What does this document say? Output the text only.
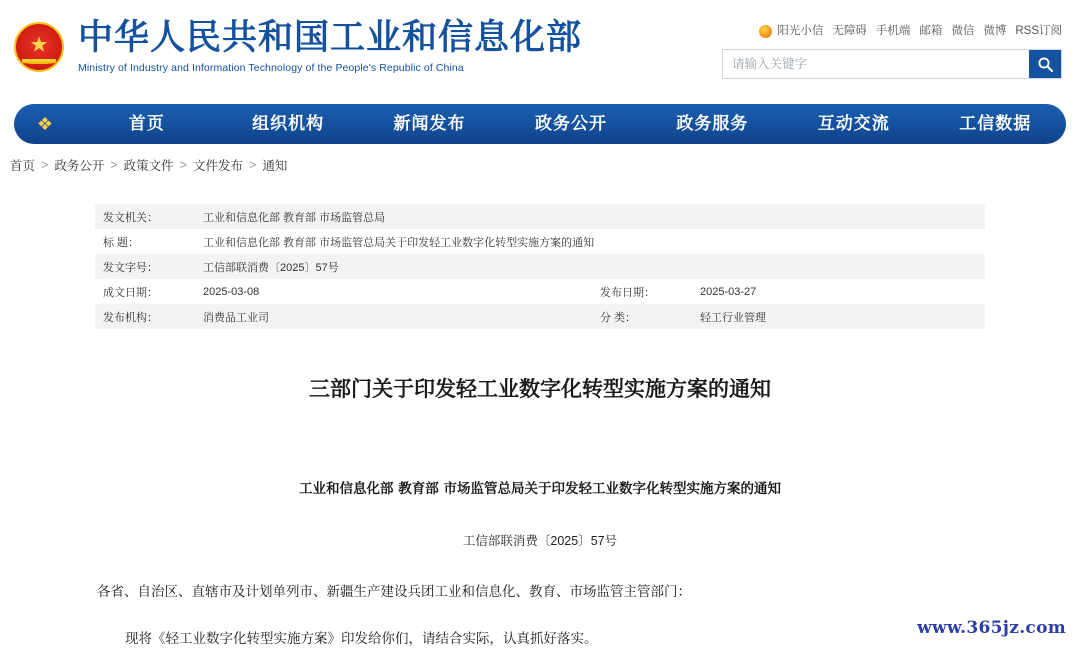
★
中华人民共和国工业和信息化部
Ministry of Industry and Information Technology of the People's Republic of China
阳光小信 无障碍 手机端 邮箱 微信 微博 RSS订阅
请输入关键字
❖	首页	组织机构	新闻发布	政务公开	政务服务	互动交流	工信数据
首页 > 政务公开 > 政策文件 > 文件发布 > 通知
发文机关：	工业和信息化部 教育部 市场监管总局		
标 题：	工业和信息化部 教育部 市场监管总局关于印发轻工业数字化转型实施方案的通知		
发文字号：	工信部联消费〔2025〕57号		
成文日期：	2025-03-08	发布日期：	2025-03-27
发布机构：	消费品工业司	分 类：	轻工行业管理
三部门关于印发轻工业数字化转型实施方案的通知
工业和信息化部 教育部 市场监管总局关于印发轻工业数字化转型实施方案的通知
工信部联消费〔2025〕57号
各省、自治区、直辖市及计划单列市、新疆生产建设兵团工业和信息化、教育、市场监管主管部门：
现将《轻工业数字化转型实施方案》印发给你们，请结合实际，认真抓好落实。
www.365jz.com
